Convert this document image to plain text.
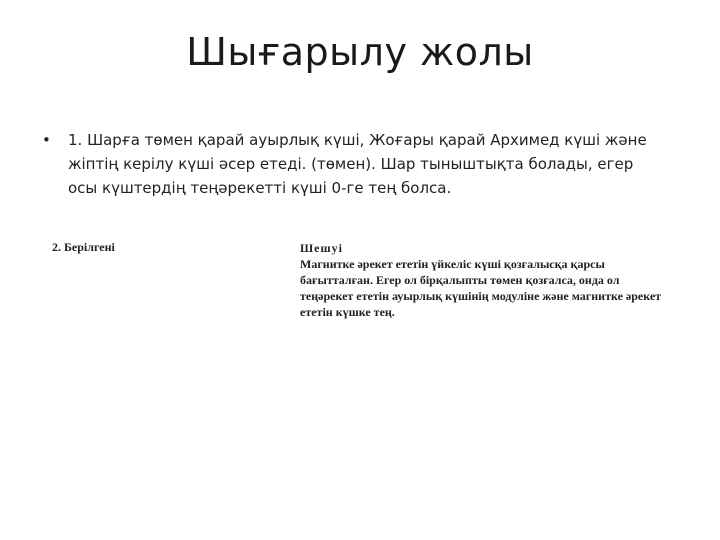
Шығарылу жолы
•	1. Шарға төмен қарай ауырлық күші, Жоғары қарай Архимед күші және жіптің керілу күші әсер етеді. (төмен). Шар тыныштықта болады, егер осы күштердің теңәрекетті күші 0-ге тең болса.
2. Берілгені	Шешуі
Магнитке әрекет ететін үйкеліс күші қозғалысқа қарсы бағытталған. Егер ол бірқалыпты төмен қозғалса, онда ол теңәрекет ететін ауырлық күшінің модуліне және магнитке әрекет ететін күшке тең.
